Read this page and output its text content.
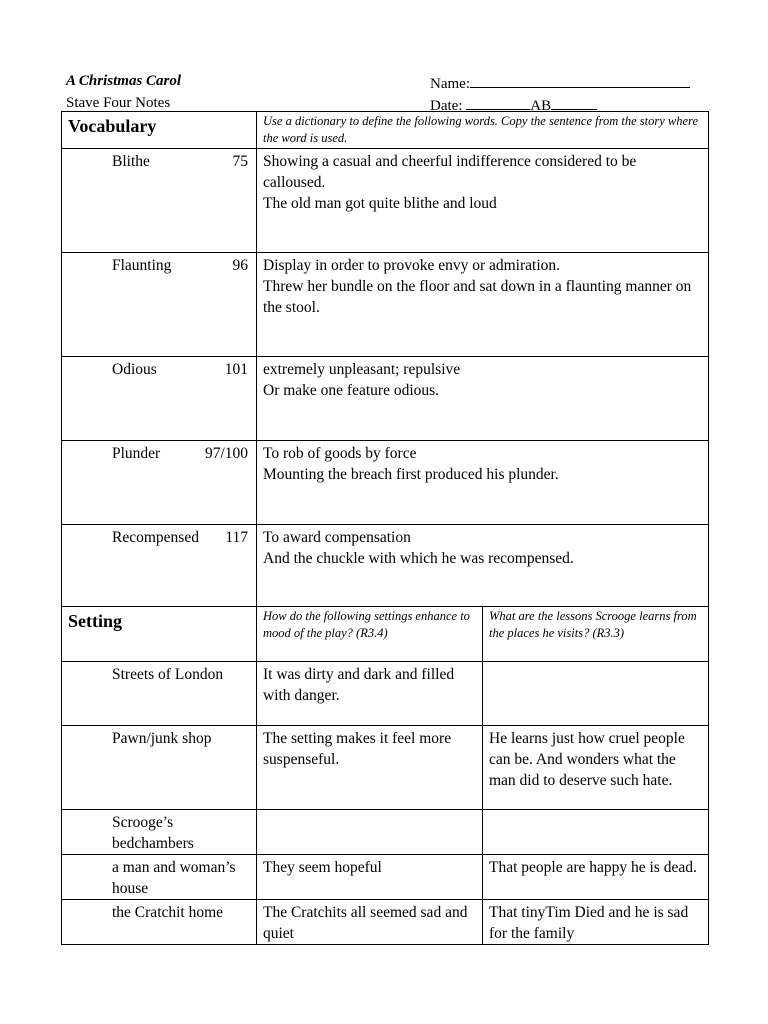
A Christmas Carol
Stave Four Notes
Name:
Date:	AB
Vocabulary	Use a dictionary to define the following words. Copy the sentence from the story where the word is used.	
Blithe 75	Showing a casual and cheerful indifference considered to be calloused.
The old man got quite blithe and loud	

Flaunting 96	Display in order to provoke envy or admiration.
Threw her bundle on the floor and sat down in a flaunting manner on the stool.	

Odious 101	extremely unpleasant; repulsive
Or make one feature odious.	

Plunder 97/100	To rob of goods by force
Mounting the breach first produced his plunder.	

Recompensed 117	To award compensation
And the chuckle with which he was recompensed.	

Setting	How do the following settings enhance to mood of the play? (R3.4)	What are the lessons Scrooge learns from the places he visits? (R3.3)
Streets of London	It was dirty and dark and filled with danger.	
Pawn/junk shop	The setting makes it feel more suspenseful.	He learns just how cruel people can be. And wonders what the man did to deserve such hate.
Scrooge’s bedchambers		
a man and woman’s house	They seem hopeful	That people are happy he is dead.
the Cratchit home	The Cratchits all seemed sad and quiet	That tinyTim Died and he is sad for the family
